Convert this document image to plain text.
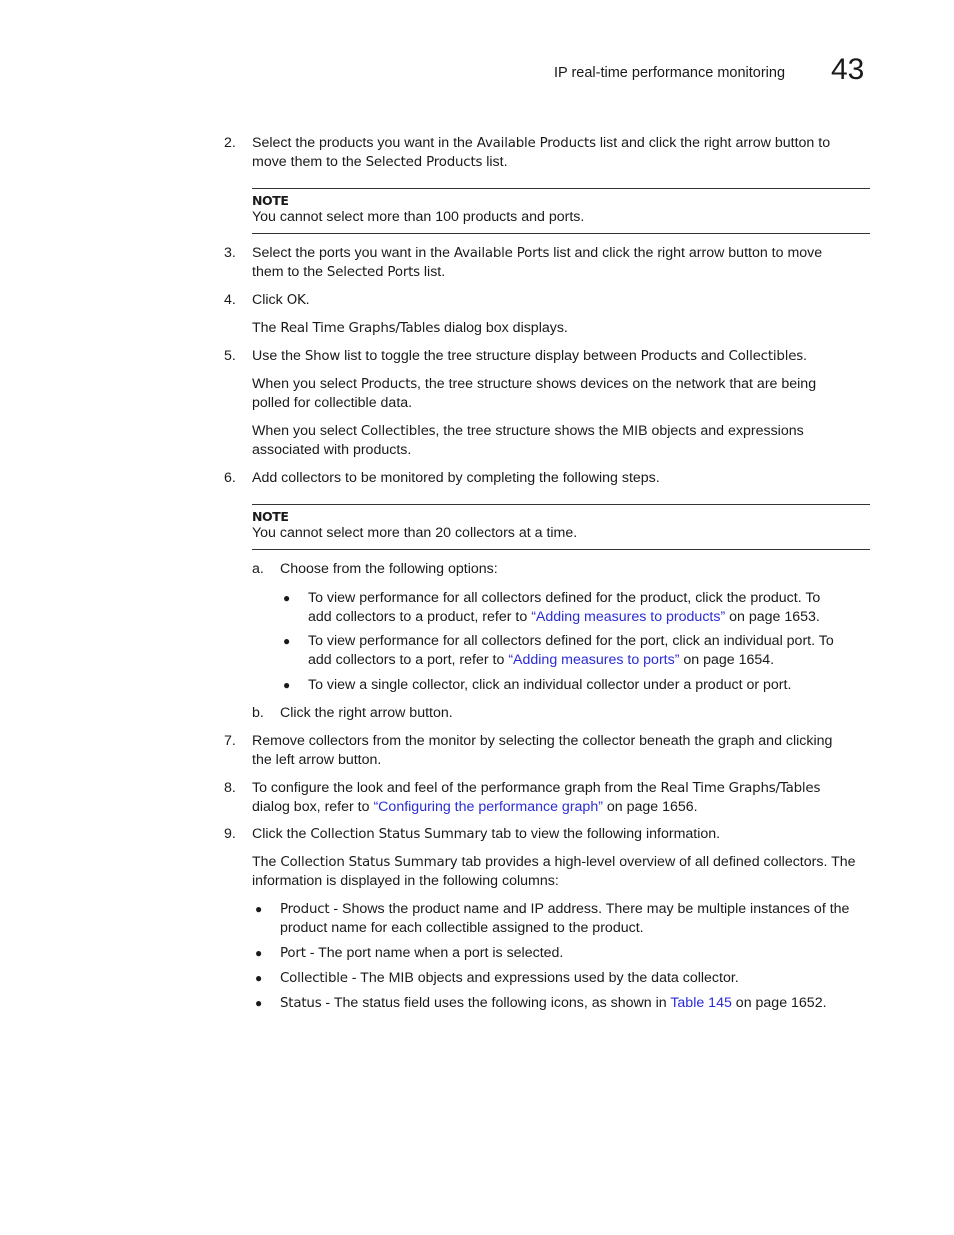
IP real-time performance monitoring 43
2.	Select the products you want in the Available Products list and click the right arrow button to
move them to the Selected Products list.
NOTE
You cannot select more than 100 products and ports.
3.	Select the ports you want in the Available Ports list and click the right arrow button to move
them to the Selected Ports list.
4.	Click OK.
The Real Time Graphs/Tables dialog box displays.
5.	Use the Show list to toggle the tree structure display between Products and Collectibles.
When you select Products, the tree structure shows devices on the network that are being
polled for collectible data.
When you select Collectibles, the tree structure shows the MIB objects and expressions
associated with products.
6.	Add collectors to be monitored by completing the following steps.
NOTE
You cannot select more than 20 collectors at a time.
a. Choose from the following options:
● To view performance for all collectors defined for the product, click the product. To
add collectors to a product, refer to “Adding measures to products” on page 1653.
● To view performance for all collectors defined for the port, click an individual port. To
add collectors to a port, refer to “Adding measures to ports” on page 1654.
● To view a single collector, click an individual collector under a product or port.
b. Click the right arrow button.
7.	Remove collectors from the monitor by selecting the collector beneath the graph and clicking
the left arrow button.
8.	To configure the look and feel of the performance graph from the Real Time Graphs/Tables
dialog box, refer to “Configuring the performance graph” on page 1656.
9.	Click the Collection Status Summary tab to view the following information.
The Collection Status Summary tab provides a high-level overview of all defined collectors. The
information is displayed in the following columns:
● Product - Shows the product name and IP address. There may be multiple instances of the
product name for each collectible assigned to the product.
● Port - The port name when a port is selected.
● Collectible - The MIB objects and expressions used by the data collector.
● Status - The status field uses the following icons, as shown in Table 145 on page 1652.
